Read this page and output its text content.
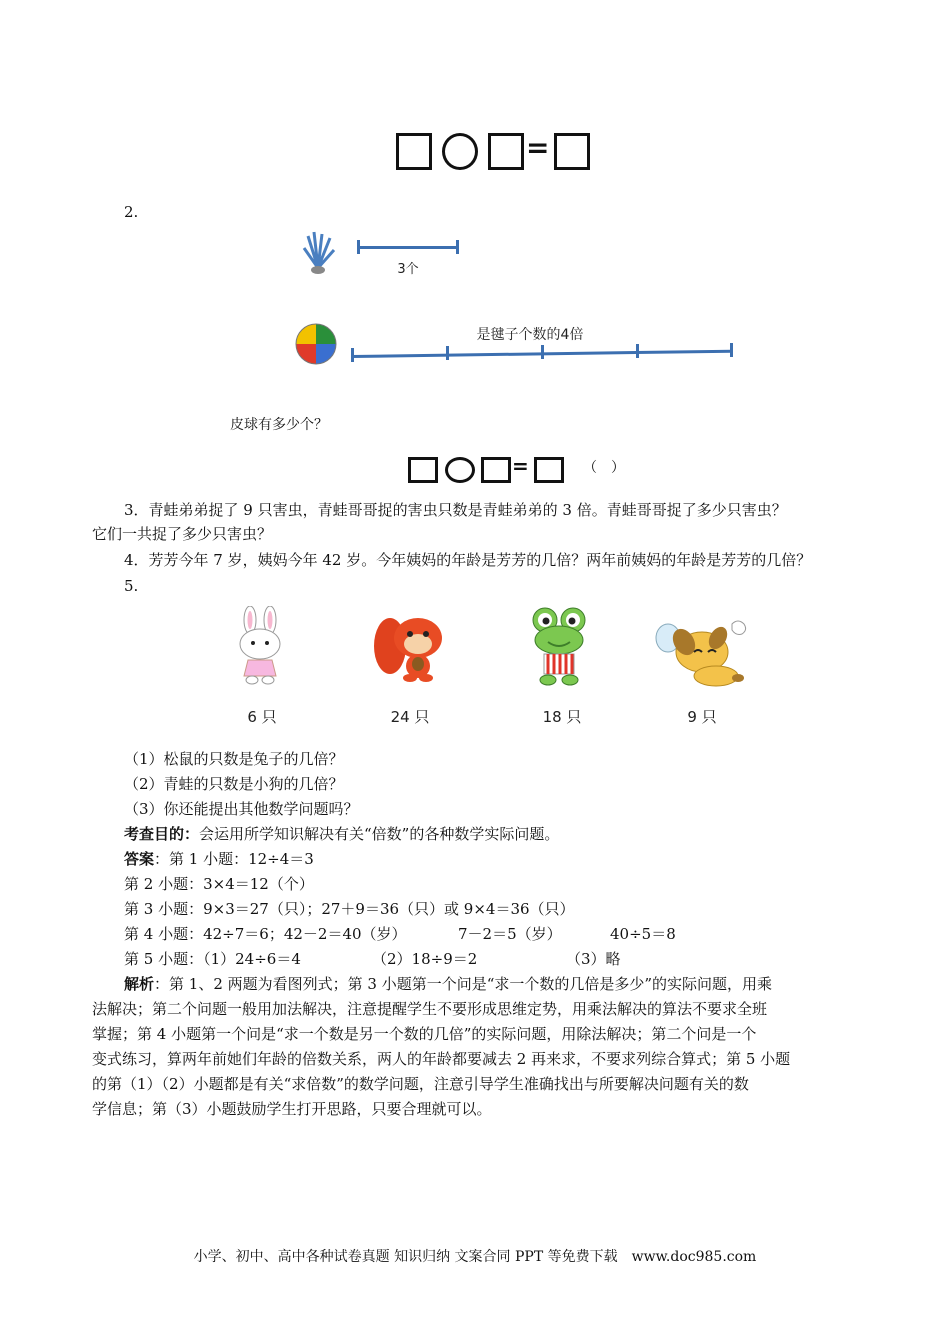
=
2.
3个
是毽子个数的4倍
皮球有多少个？
=	（　）
3．青蛙弟弟捉了 9 只害虫，青蛙哥哥捉的害虫只数是青蛙弟弟的 3 倍。青蛙哥哥捉了多少只害虫？
它们一共捉了多少只害虫？
4．芳芳今年 7 岁，姨妈今年 42 岁。今年姨妈的年龄是芳芳的几倍？两年前姨妈的年龄是芳芳的几倍？
5.
6 只	24 只	18 只	9 只
（1）松鼠的只数是兔子的几倍？
（2）青蛙的只数是小狗的几倍？
（3）你还能提出其他数学问题吗？
考查目的：会运用所学知识解决有关“倍数”的各种数学实际问题。
答案：第 1 小题：12÷4＝3
第 2 小题：3×4＝12（个）
第 3 小题：9×3＝27（只）；27＋9＝36（只）或 9×4＝36（只）
第 4 小题：42÷7＝6；42－2＝40（岁）	7－2＝5（岁）	40÷5＝8
第 5 小题：（1）24÷6＝4	（2）18÷9＝2	（3）略
解析：第 1、2 两题为看图列式；第 3 小题第一个问是“求一个数的几倍是多少”的实际问题，用乘
法解决；第二个问题一般用加法解决，注意提醒学生不要形成思维定势，用乘法解决的算法不要求全班
掌握；第 4 小题第一个问是“求一个数是另一个数的几倍”的实际问题，用除法解决；第二个问是一个
变式练习，算两年前她们年龄的倍数关系，两人的年龄都要减去 2 再来求，不要求列综合算式；第 5 小题
的第（1）（2）小题都是有关“求倍数”的数学问题，注意引导学生准确找出与所要解决问题有关的数
学信息；第（3）小题鼓励学生打开思路，只要合理就可以。
小学、初中、高中各种试卷真题 知识归纳 文案合同 PPT 等免费下载　www.doc985.com
